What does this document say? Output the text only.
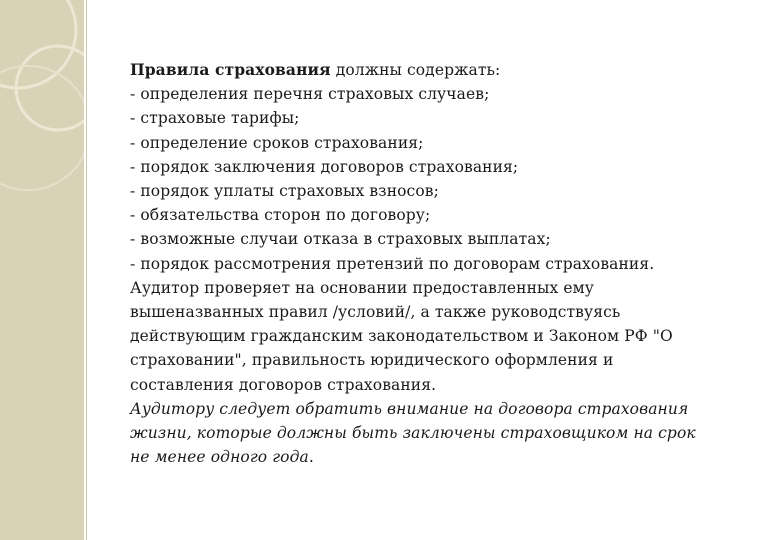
Правила страхования должны содержать:
- определения перечня страховых случаев;
- страховые тарифы;
- определение сроков страхования;
- порядок заключения договоров страхования;
- порядок уплаты страховых взносов;
- обязательства сторон по договору;
- возможные случаи отказа в страховых выплатах;
- порядок рассмотрения претензий по договорам страхования.
Аудитор проверяет на основании предоставленных ему
вышеназванных правил /условий/, а также руководствуясь
действующим гражданским законодательством и Законом РФ "О
страховании", правильность юридического оформления и
составления договоров страхования.
Аудитору следует обратить внимание на договора страхования
жизни, которые должны быть заключены страховщиком на срок
не менее одного года.
